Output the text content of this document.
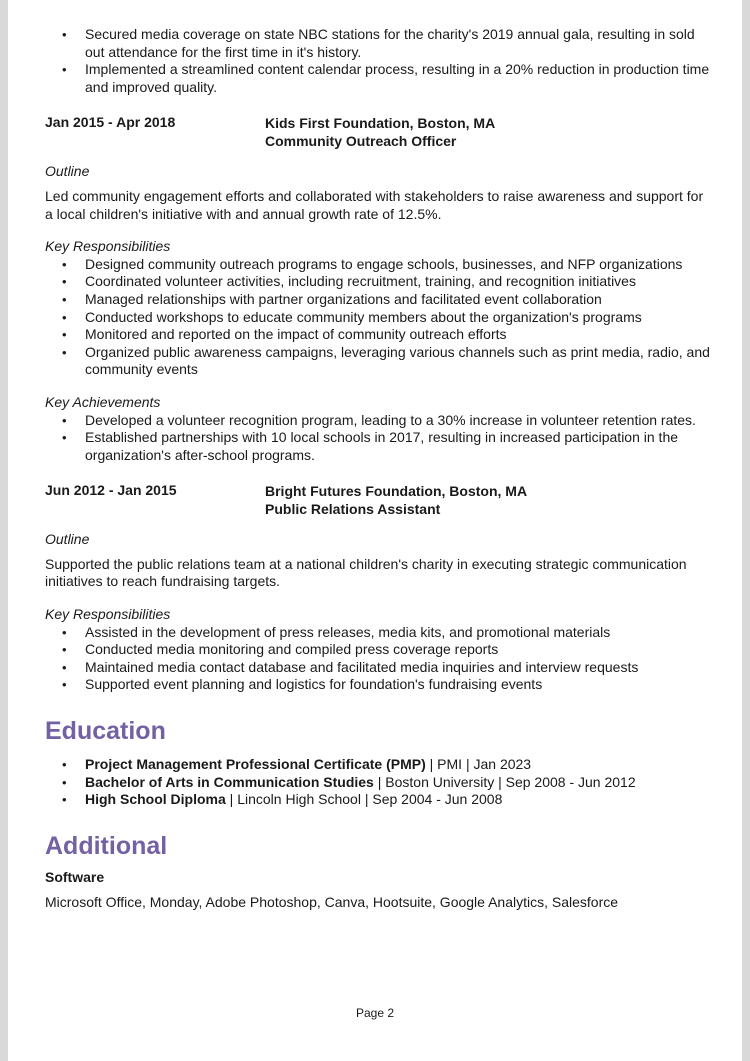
• Secured media coverage on state NBC stations for the charity's 2019 annual gala, resulting in sold out attendance for the first time in it's history.
• Implemented a streamlined content calendar process, resulting in a 20% reduction in production time and improved quality.
Jan 2015 - Apr 2018	Kids First Foundation, Boston, MA
Community Outreach Officer
Outline
Led community engagement efforts and collaborated with stakeholders to raise awareness and support for a local children's initiative with and annual growth rate of 12.5%.
Key Responsibilities
• Designed community outreach programs to engage schools, businesses, and NFP organizations
• Coordinated volunteer activities, including recruitment, training, and recognition initiatives
• Managed relationships with partner organizations and facilitated event collaboration
• Conducted workshops to educate community members about the organization's programs
• Monitored and reported on the impact of community outreach efforts
• Organized public awareness campaigns, leveraging various channels such as print media, radio, and community events
Key Achievements
• Developed a volunteer recognition program, leading to a 30% increase in volunteer retention rates.
• Established partnerships with 10 local schools in 2017, resulting in increased participation in the organization's after-school programs.
Jun 2012 - Jan 2015	Bright Futures Foundation, Boston, MA
Public Relations Assistant
Outline
Supported the public relations team at a national children's charity in executing strategic communication initiatives to reach fundraising targets.
Key Responsibilities
• Assisted in the development of press releases, media kits, and promotional materials
• Conducted media monitoring and compiled press coverage reports
• Maintained media contact database and facilitated media inquiries and interview requests
• Supported event planning and logistics for foundation's fundraising events
Education
• Project Management Professional Certificate (PMP) | PMI | Jan 2023
• Bachelor of Arts in Communication Studies | Boston University | Sep 2008 - Jun 2012
• High School Diploma | Lincoln High School | Sep 2004 - Jun 2008
Additional
Software
Microsoft Office, Monday, Adobe Photoshop, Canva, Hootsuite, Google Analytics, Salesforce
Page 2
